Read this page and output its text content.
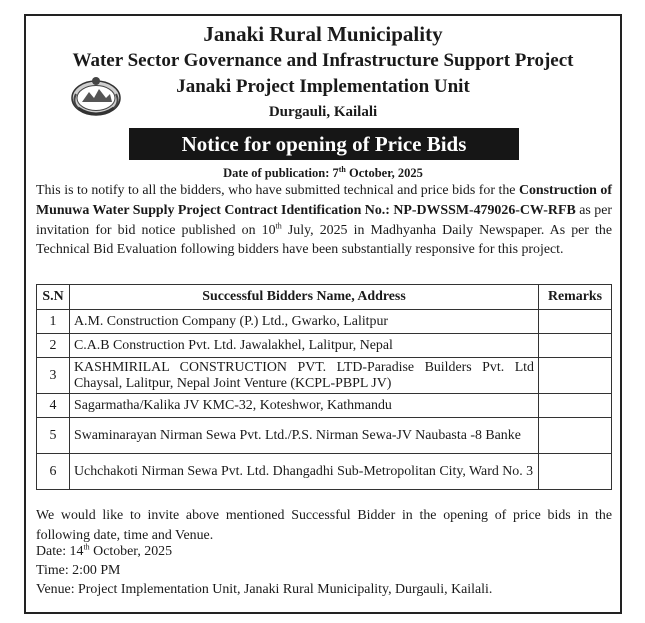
Janaki Rural Municipality
Water Sector Governance and Infrastructure Support Project
Janaki Project Implementation Unit
Durgauli, Kailali
Notice for opening of Price Bids
Date of publication: 7th October, 2025

This is to notify to all the bidders, who have submitted technical and price bids for the Construction of Munuwa Water Supply Project Contract Identification No.: NP-DWSSM-479026-CW-RFB as per invitation for bid notice published on 10th July, 2025 in Madhyanha Daily Newspaper. As per the Technical Bid Evaluation following bidders have been substantially responsive for this project.

S.N	Successful Bidders Name, Address	Remarks
1	A.M. Construction Company (P.) Ltd., Gwarko, Lalitpur	
2	C.A.B Construction Pvt. Ltd. Jawalakhel, Lalitpur, Nepal	
3	KASHMIRILAL CONSTRUCTION PVT. LTD-Paradise Builders Pvt. Ltd Chaysal, Lalitpur, Nepal Joint Venture (KCPL-PBPL JV)	
4	Sagarmatha/Kalika JV KMC-32, Koteshwor, Kathmandu	
5	Swaminarayan Nirman Sewa Pvt. Ltd./P.S. Nirman Sewa-JV Naubasta -8 Banke	
6	Uchchakoti Nirman Sewa Pvt. Ltd. Dhangadhi Sub-Metropolitan City, Ward No. 3	

We would like to invite above mentioned Successful Bidder in the opening of price bids in the following date, time and Venue.

Date: 14th October, 2025
Time: 2:00 PM
Venue: Project Implementation Unit, Janaki Rural Municipality, Durgauli, Kailali.
